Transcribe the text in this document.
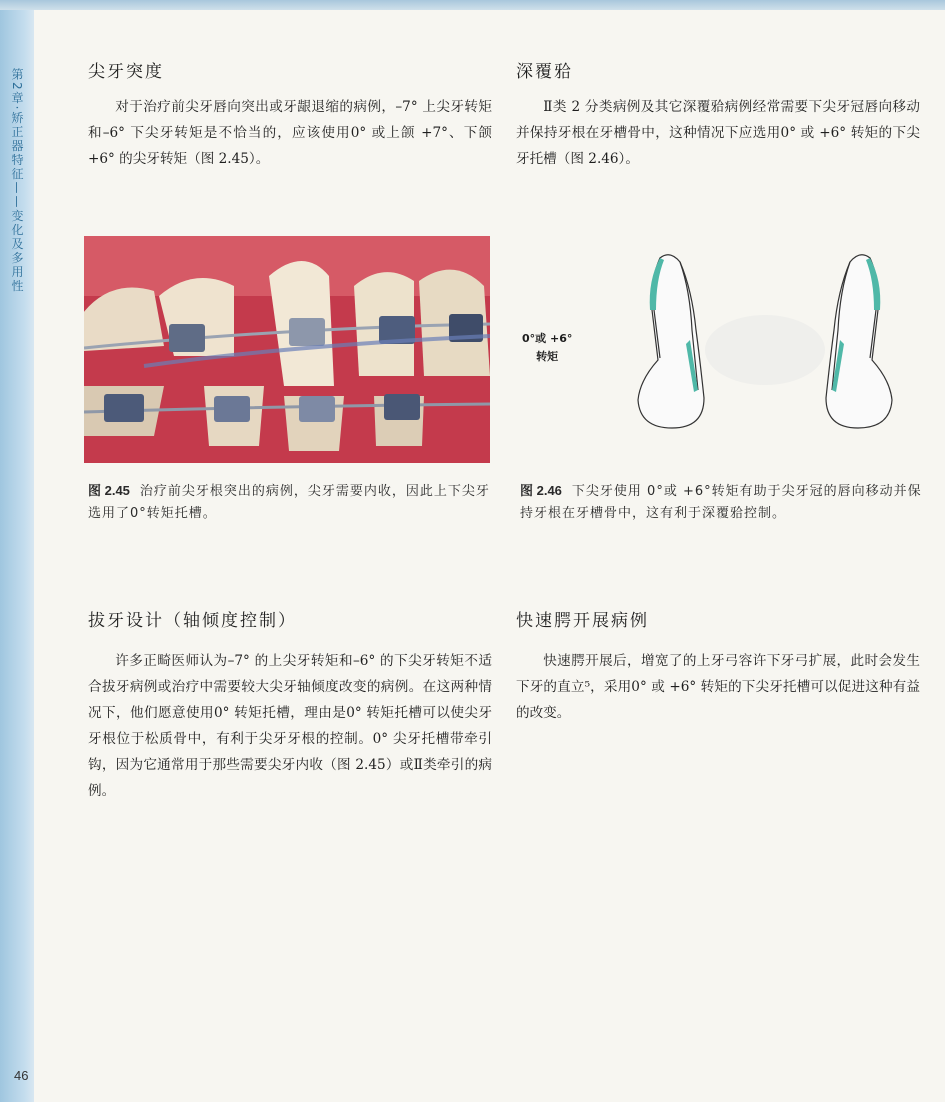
第2章·矫正器特征——变化及多用性
46
尖牙突度

对于治疗前尖牙唇向突出或牙龈退缩的病例，–7° 上尖牙转矩和–6° 下尖牙转矩是不恰当的，应该使用0° 或上颌 +7°、下颌 +6° 的尖牙转矩（图 2.45）。

深覆𬌗

Ⅱ类 2 分类病例及其它深覆𬌗病例经常需要下尖牙冠唇向移动并保持牙根在牙槽骨中，这种情况下应选用0° 或 +6° 转矩的下尖牙托槽（图 2.46）。

0°或 +6°
转矩

图 2.45 治疗前尖牙根突出的病例，尖牙需要内收，因此上下尖牙选用了0°转矩托槽。

图 2.46 下尖牙使用 0°或 +6°转矩有助于尖牙冠的唇向移动并保持牙根在牙槽骨中，这有利于深覆𬌗控制。

拔牙设计（轴倾度控制）

许多正畸医师认为–7° 的上尖牙转矩和–6° 的下尖牙转矩不适合拔牙病例或治疗中需要较大尖牙轴倾度改变的病例。在这两种情况下，他们愿意使用0° 转矩托槽，理由是0° 转矩托槽可以使尖牙牙根位于松质骨中，有利于尖牙牙根的控制。0° 尖牙托槽带牵引钩，因为它通常用于那些需要尖牙内收（图 2.45）或Ⅱ类牵引的病例。

快速腭开展病例

快速腭开展后，增宽了的上牙弓容许下牙弓扩展，此时会发生下牙的直立⁵，采用0° 或 +6° 转矩的下尖牙托槽可以促进这种有益的改变。
